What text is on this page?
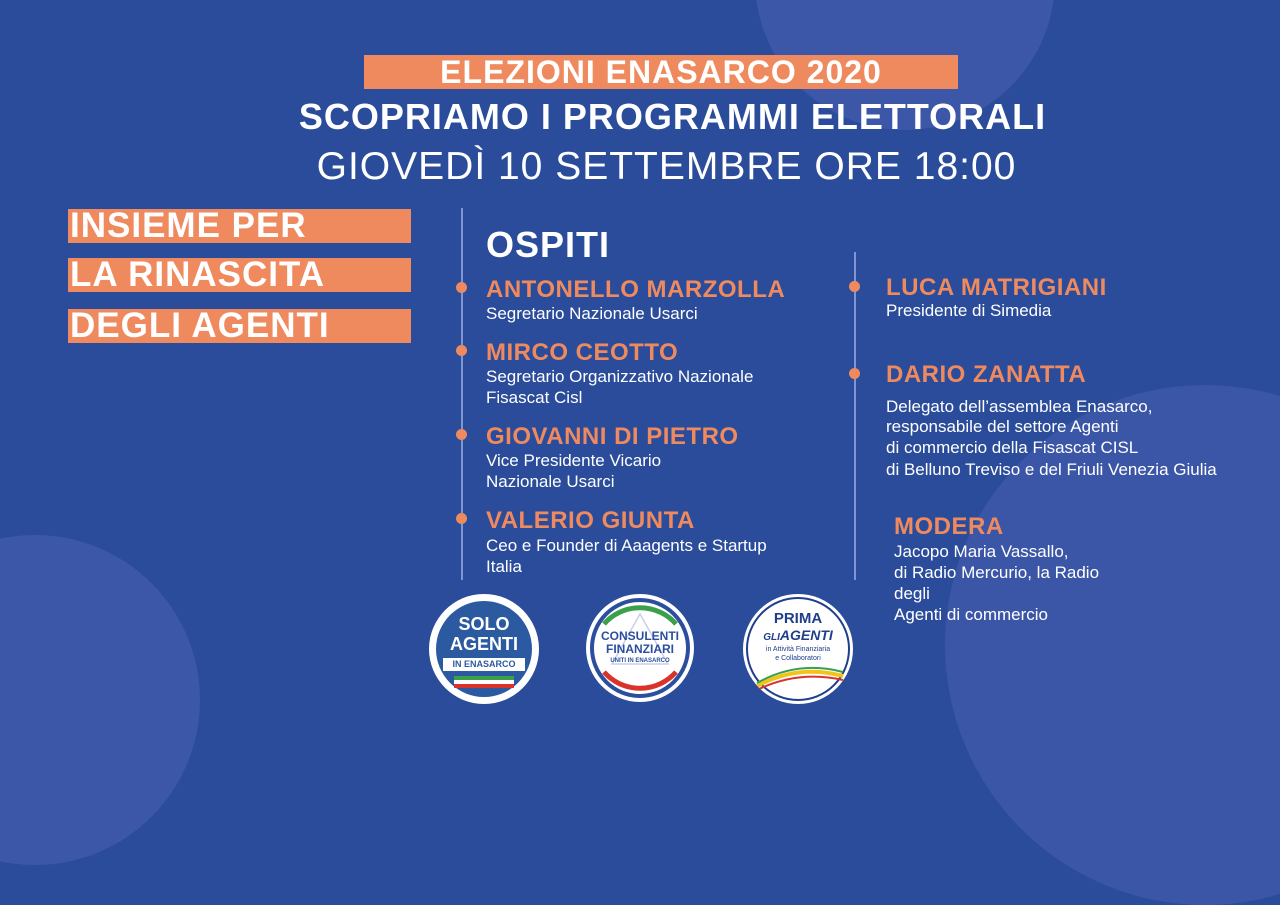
ELEZIONI ENASARCO 2020
SCOPRIAMO I PROGRAMMI ELETTORALI
GIOVEDÌ 10 SETTEMBRE ORE 18:00
INSIEME PER
LA RINASCITA
DEGLI AGENTI
OSPITI
ANTONELLO MARZOLLA
Segretario Nazionale Usarci
MIRCO CEOTTO
Segretario Organizzativo Nazionale
Fisascat Cisl
GIOVANNI DI PIETRO
Vice Presidente Vicario
Nazionale Usarci
VALERIO GIUNTA
Ceo e Founder di Aaagents e Startup
Italia
LUCA MATRIGIANI
Presidente di Simedia
DARIO ZANATTA
Delegato dell’assemblea Enasarco,
responsabile del settore Agenti
di commercio della Fisascat CISL
di Belluno Treviso e del Friuli Venezia Giulia
MODERA
Jacopo Maria Vassallo,
di Radio Mercurio, la Radio
degli
Agenti di commercio
SOLO
AGENTI
IN ENASARCO
CONSULENTI
FINANZIARI
UNITI IN ENASARCO
PRIMA
GLIAGENTI
in Attività Finanziaria
e Collaboratori
